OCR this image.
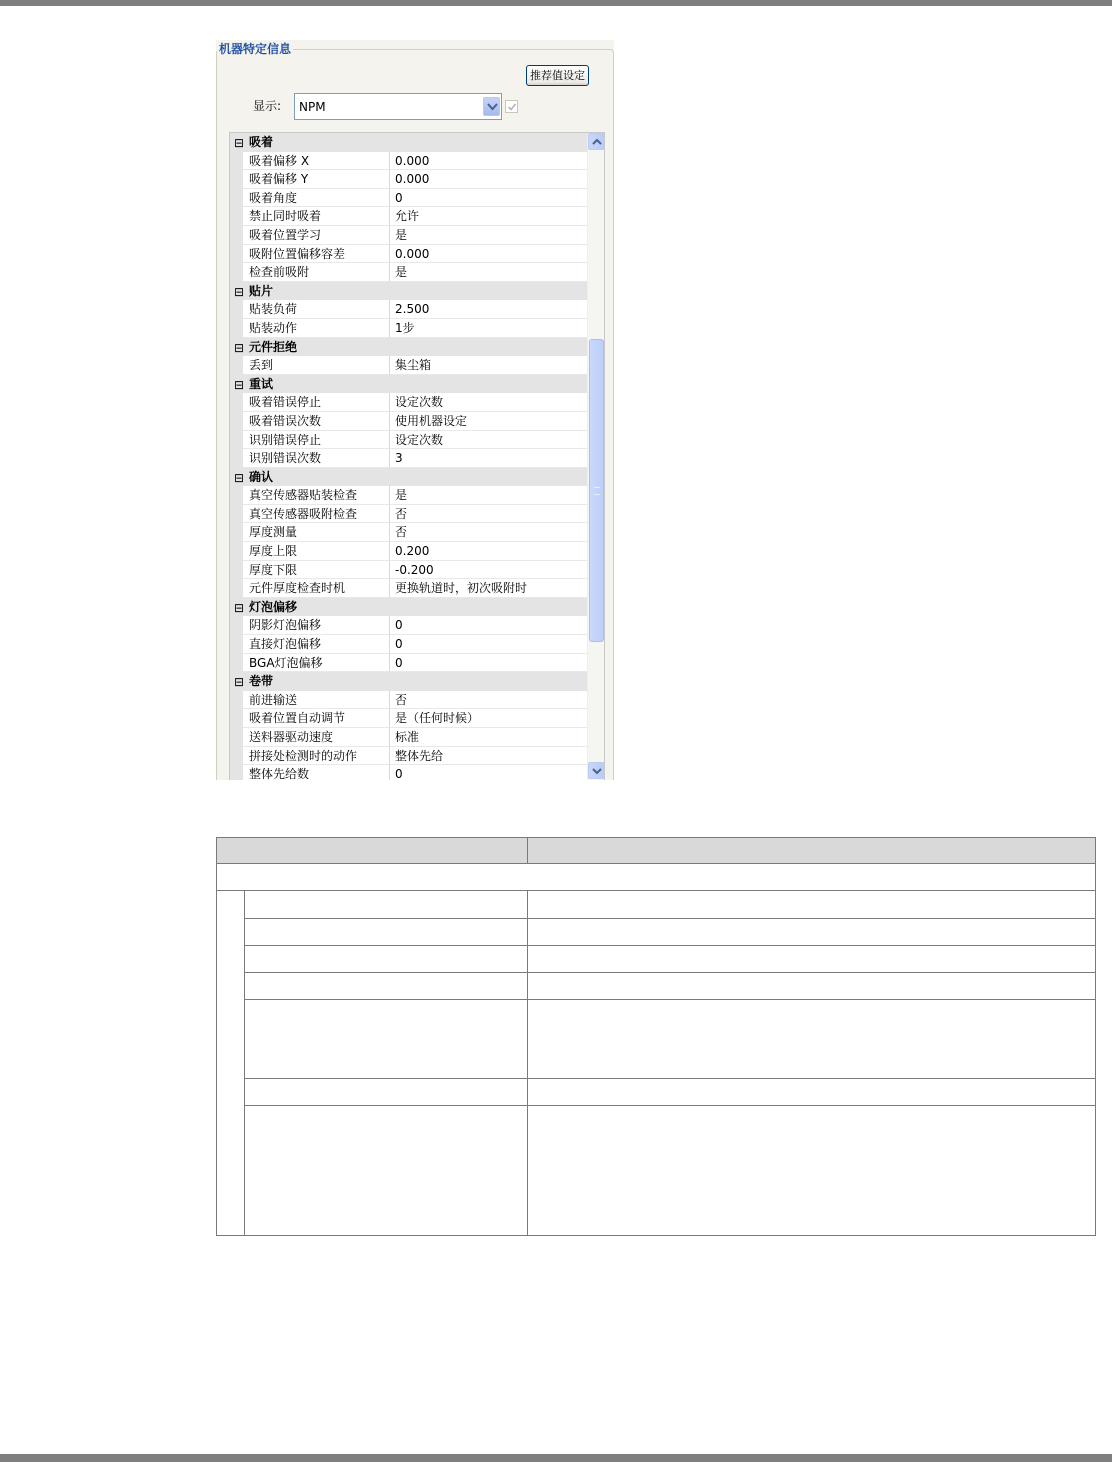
机器特定信息
推荐值设定
显示: NPM
⊟ 吸着
吸着偏移 X	0.000
吸着偏移 Y	0.000
吸着角度	0
禁止同时吸着	允许
吸着位置学习	是
吸附位置偏移容差	0.000
检查前吸附	是
⊟ 贴片
贴装负荷	2.500
贴装动作	1步
⊟ 元件拒绝
丢到	集尘箱
⊟ 重试
吸着错误停止	设定次数
吸着错误次数	使用机器设定
识别错误停止	设定次数
识别错误次数	3
⊟ 确认
真空传感器贴装检查	是
真空传感器吸附检查	否
厚度测量	否
厚度上限	0.200
厚度下限	-0.200
元件厚度检查时机	更换轨道时，初次吸附时
⊟ 灯泡偏移
阴影灯泡偏移	0
直接灯泡偏移	0
BGA灯泡偏移	0
⊟ 卷带
前进输送	否
吸着位置自动调节	是（任何时候）
送料器驱动速度	标准
拼接处检测时的动作	整体先给
整体先给数	0
